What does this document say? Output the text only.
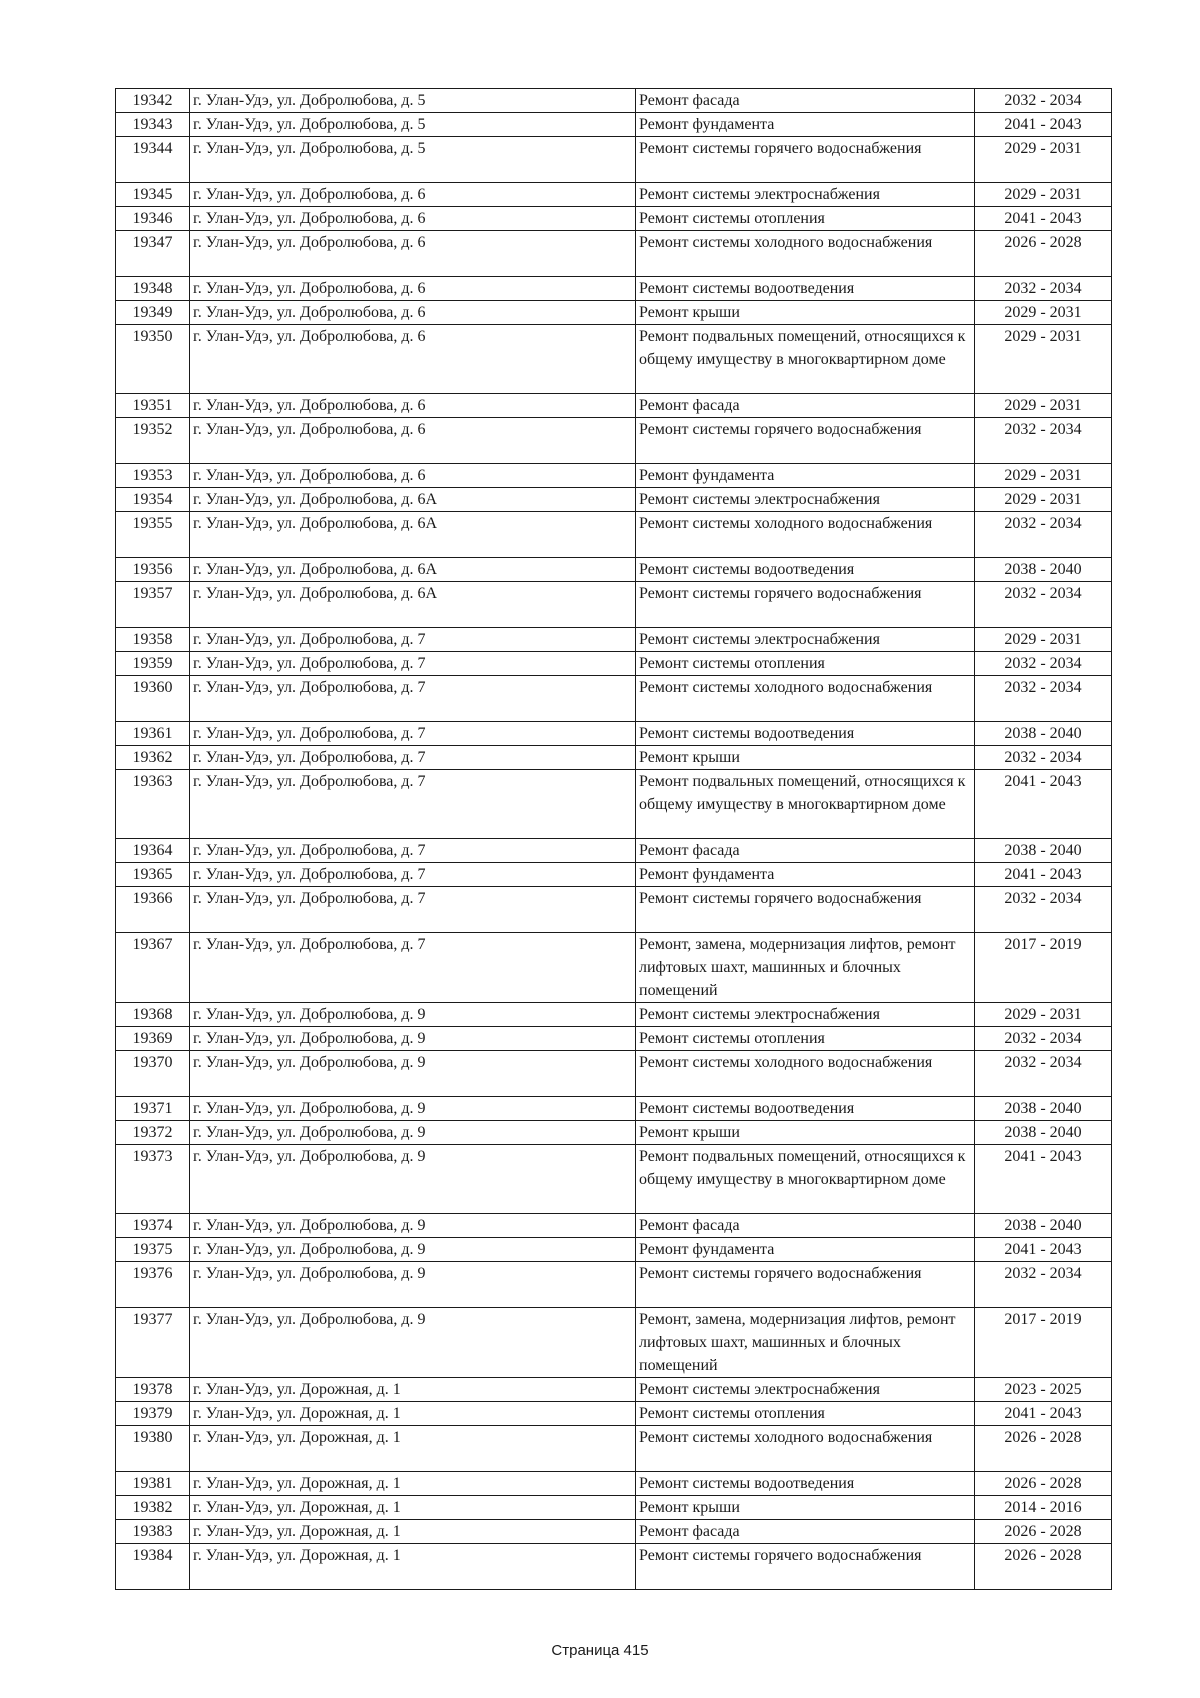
19342	г. Улан-Удэ, ул. Добролюбова, д. 5	Ремонт фасада	2032 - 2034
19343	г. Улан-Удэ, ул. Добролюбова, д. 5	Ремонт фундамента	2041 - 2043
19344	г. Улан-Удэ, ул. Добролюбова, д. 5	Ремонт системы горячего водоснабжения	2029 - 2031
19345	г. Улан-Удэ, ул. Добролюбова, д. 6	Ремонт системы электроснабжения	2029 - 2031
19346	г. Улан-Удэ, ул. Добролюбова, д. 6	Ремонт системы отопления	2041 - 2043
19347	г. Улан-Удэ, ул. Добролюбова, д. 6	Ремонт системы холодного водоснабжения	2026 - 2028
19348	г. Улан-Удэ, ул. Добролюбова, д. 6	Ремонт системы водоотведения	2032 - 2034
19349	г. Улан-Удэ, ул. Добролюбова, д. 6	Ремонт крыши	2029 - 2031
19350	г. Улан-Удэ, ул. Добролюбова, д. 6	Ремонт подвальных помещений, относящихся к общему имуществу в многоквартирном доме	2029 - 2031
19351	г. Улан-Удэ, ул. Добролюбова, д. 6	Ремонт фасада	2029 - 2031
19352	г. Улан-Удэ, ул. Добролюбова, д. 6	Ремонт системы горячего водоснабжения	2032 - 2034
19353	г. Улан-Удэ, ул. Добролюбова, д. 6	Ремонт фундамента	2029 - 2031
19354	г. Улан-Удэ, ул. Добролюбова, д. 6А	Ремонт системы электроснабжения	2029 - 2031
19355	г. Улан-Удэ, ул. Добролюбова, д. 6А	Ремонт системы холодного водоснабжения	2032 - 2034
19356	г. Улан-Удэ, ул. Добролюбова, д. 6А	Ремонт системы водоотведения	2038 - 2040
19357	г. Улан-Удэ, ул. Добролюбова, д. 6А	Ремонт системы горячего водоснабжения	2032 - 2034
19358	г. Улан-Удэ, ул. Добролюбова, д. 7	Ремонт системы электроснабжения	2029 - 2031
19359	г. Улан-Удэ, ул. Добролюбова, д. 7	Ремонт системы отопления	2032 - 2034
19360	г. Улан-Удэ, ул. Добролюбова, д. 7	Ремонт системы холодного водоснабжения	2032 - 2034
19361	г. Улан-Удэ, ул. Добролюбова, д. 7	Ремонт системы водоотведения	2038 - 2040
19362	г. Улан-Удэ, ул. Добролюбова, д. 7	Ремонт крыши	2032 - 2034
19363	г. Улан-Удэ, ул. Добролюбова, д. 7	Ремонт подвальных помещений, относящихся к общему имуществу в многоквартирном доме	2041 - 2043
19364	г. Улан-Удэ, ул. Добролюбова, д. 7	Ремонт фасада	2038 - 2040
19365	г. Улан-Удэ, ул. Добролюбова, д. 7	Ремонт фундамента	2041 - 2043
19366	г. Улан-Удэ, ул. Добролюбова, д. 7	Ремонт системы горячего водоснабжения	2032 - 2034
19367	г. Улан-Удэ, ул. Добролюбова, д. 7	Ремонт, замена, модернизация лифтов, ремонт лифтовых шахт, машинных и блочных помещений	2017 - 2019
19368	г. Улан-Удэ, ул. Добролюбова, д. 9	Ремонт системы электроснабжения	2029 - 2031
19369	г. Улан-Удэ, ул. Добролюбова, д. 9	Ремонт системы отопления	2032 - 2034
19370	г. Улан-Удэ, ул. Добролюбова, д. 9	Ремонт системы холодного водоснабжения	2032 - 2034
19371	г. Улан-Удэ, ул. Добролюбова, д. 9	Ремонт системы водоотведения	2038 - 2040
19372	г. Улан-Удэ, ул. Добролюбова, д. 9	Ремонт крыши	2038 - 2040
19373	г. Улан-Удэ, ул. Добролюбова, д. 9	Ремонт подвальных помещений, относящихся к общему имуществу в многоквартирном доме	2041 - 2043
19374	г. Улан-Удэ, ул. Добролюбова, д. 9	Ремонт фасада	2038 - 2040
19375	г. Улан-Удэ, ул. Добролюбова, д. 9	Ремонт фундамента	2041 - 2043
19376	г. Улан-Удэ, ул. Добролюбова, д. 9	Ремонт системы горячего водоснабжения	2032 - 2034
19377	г. Улан-Удэ, ул. Добролюбова, д. 9	Ремонт, замена, модернизация лифтов, ремонт лифтовых шахт, машинных и блочных помещений	2017 - 2019
19378	г. Улан-Удэ, ул. Дорожная, д. 1	Ремонт системы электроснабжения	2023 - 2025
19379	г. Улан-Удэ, ул. Дорожная, д. 1	Ремонт системы отопления	2041 - 2043
19380	г. Улан-Удэ, ул. Дорожная, д. 1	Ремонт системы холодного водоснабжения	2026 - 2028
19381	г. Улан-Удэ, ул. Дорожная, д. 1	Ремонт системы водоотведения	2026 - 2028
19382	г. Улан-Удэ, ул. Дорожная, д. 1	Ремонт крыши	2014 - 2016
19383	г. Улан-Удэ, ул. Дорожная, д. 1	Ремонт фасада	2026 - 2028
19384	г. Улан-Удэ, ул. Дорожная, д. 1	Ремонт системы горячего водоснабжения	2026 - 2028
Страница 415
